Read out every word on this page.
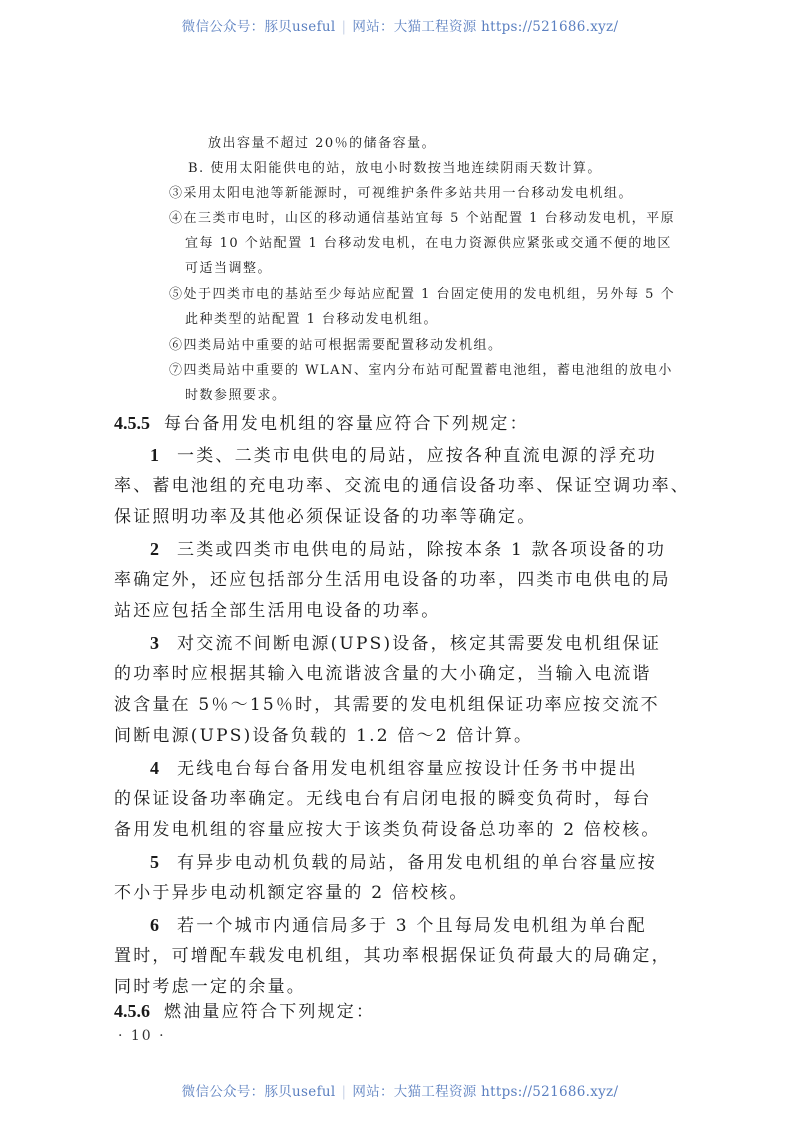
微信公众号：豚贝useful | 网站：大猫工程资源 https://521686.xyz/
放出容量不超过 20％的储备容量。
B. 使用太阳能供电的站，放电小时数按当地连续阴雨天数计算。
③采用太阳电池等新能源时，可视维护条件多站共用一台移动发电机组。
④在三类市电时，山区的移动通信基站宜每 5 个站配置 1 台移动发电机，平原
宜每 10 个站配置 1 台移动发电机，在电力资源供应紧张或交通不便的地区
可适当调整。
⑤处于四类市电的基站至少每站应配置 1 台固定使用的发电机组，另外每 5 个
此种类型的站配置 1 台移动发电机组。
⑥四类局站中重要的站可根据需要配置移动发机组。
⑦四类局站中重要的 WLAN、室内分布站可配置蓄电池组，蓄电池组的放电小
时数参照要求。
4.5.5 每台备用发电机组的容量应符合下列规定：
1 一类、二类市电供电的局站，应按各种直流电源的浮充功
率、蓄电池组的充电功率、交流电的通信设备功率、保证空调功率、
保证照明功率及其他必须保证设备的功率等确定。
2 三类或四类市电供电的局站，除按本条 1 款各项设备的功
率确定外，还应包括部分生活用电设备的功率，四类市电供电的局
站还应包括全部生活用电设备的功率。
3 对交流不间断电源(UPS)设备，核定其需要发电机组保证
的功率时应根据其输入电流谐波含量的大小确定，当输入电流谐
波含量在 5％～15％时，其需要的发电机组保证功率应按交流不
间断电源(UPS)设备负载的 1.2 倍～2 倍计算。
4 无线电台每台备用发电机组容量应按设计任务书中提出
的保证设备功率确定。无线电台有启闭电报的瞬变负荷时，每台
备用发电机组的容量应按大于该类负荷设备总功率的 2 倍校核。
5 有异步电动机负载的局站，备用发电机组的单台容量应按
不小于异步电动机额定容量的 2 倍校核。
6 若一个城市内通信局多于 3 个且每局发电机组为单台配
置时，可增配车载发电机组，其功率根据保证负荷最大的局确定，
同时考虑一定的余量。
4.5.6 燃油量应符合下列规定：
· 10 ·
微信公众号：豚贝useful | 网站：大猫工程资源 https://521686.xyz/
